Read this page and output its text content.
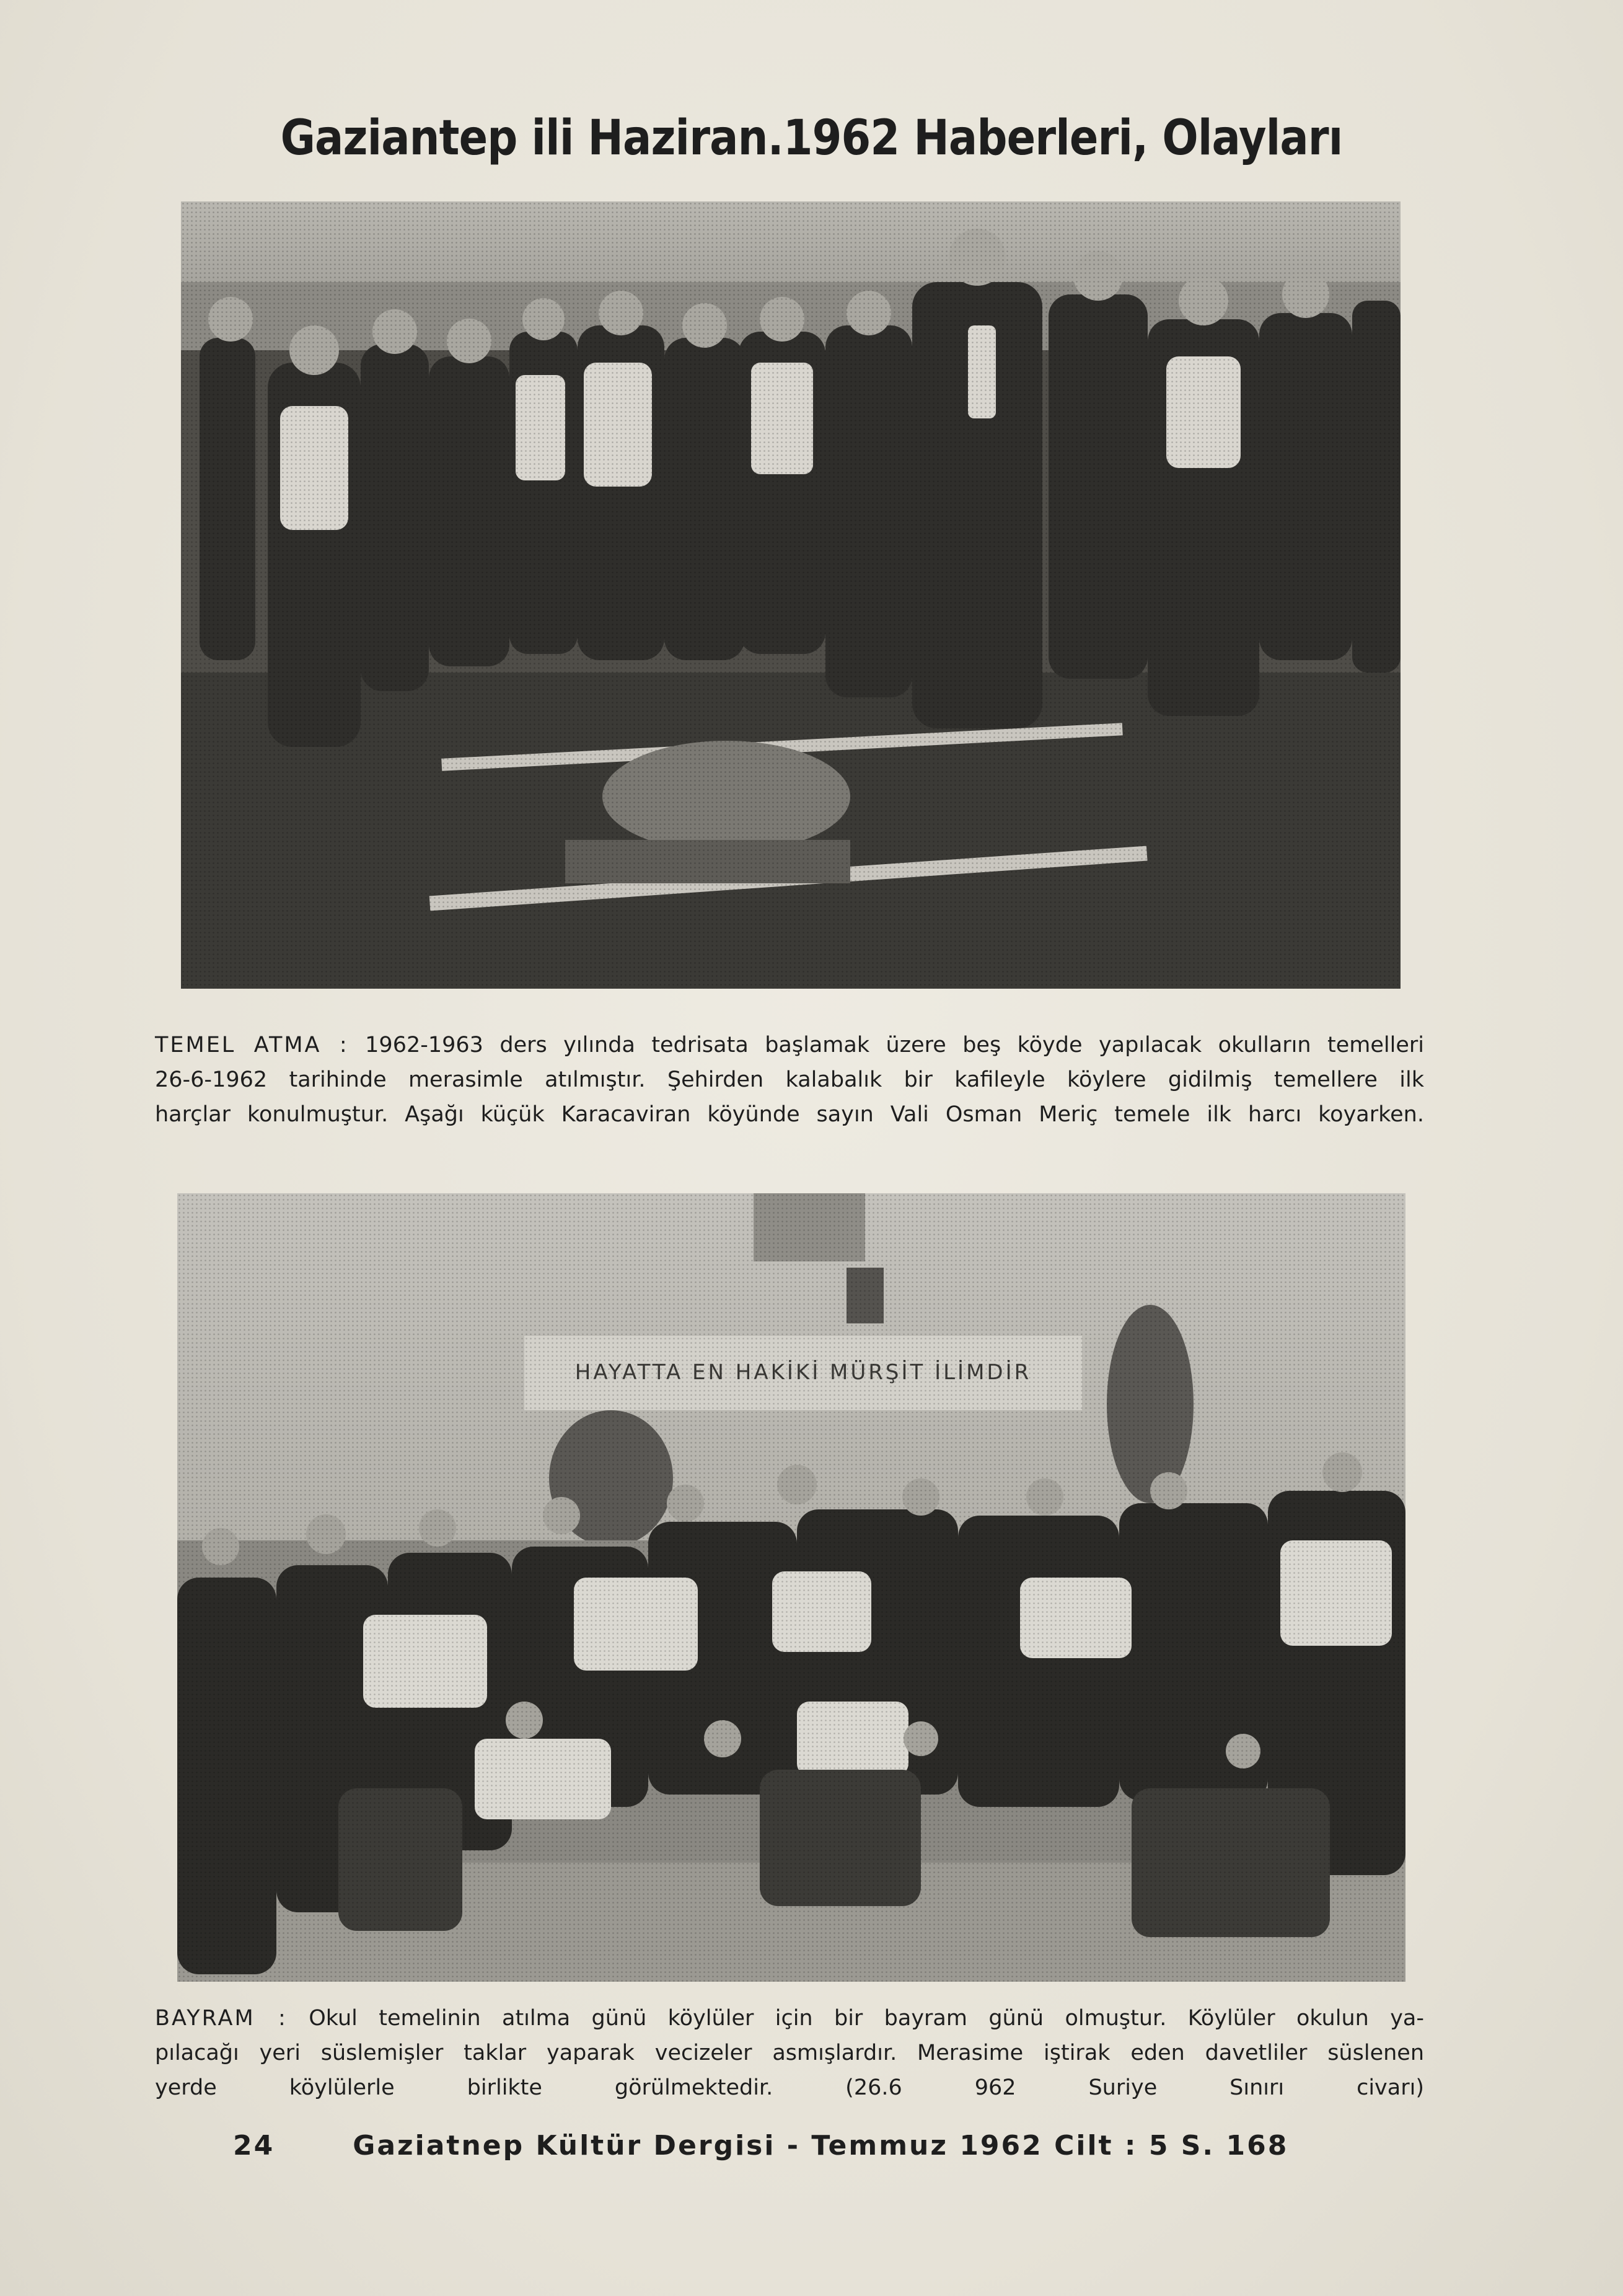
Gaziantep ili Haziran.1962 Haberleri, Olayları
TEMEL ATMA : 1962-1963 ders yılında tedrisata başlamak üzere beş köyde yapılacak okulların temelleri
26-6-1962 tarihinde merasimle atılmıştır. Şehirden kalabalık bir kafileyle köylere gidilmiş temellere ilk
harçlar konulmuştur. Aşağı küçük Karacaviran köyünde sayın Vali Osman Meriç temele ilk harcı koyarken.
BAYRAM : Okul temelinin atılma günü köylüler için bir bayram günü olmuştur. Köylüler okulun ya-
pılacağı yeri süslemişler taklar yaparak vecizeler asmışlardır. Merasime iştirak eden davetliler süslenen
yerde köylülerle birlikte görülmektedir. (26.6 962 Suriye Sınırı civarı)
24	Gaziatnep Kültür Dergisi - Temmuz 1962 Cilt : 5 S. 168
